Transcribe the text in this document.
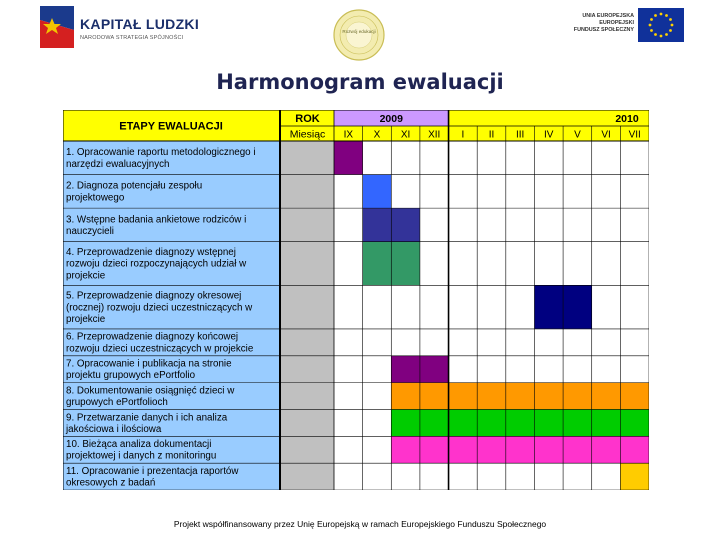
KAPITAŁ LUDZKI
NARODOWA STRATEGIA SPÓJNOŚCI
Rozwój edukacji
UNIA EUROPEJSKA
EUROPEJSKI
FUNDUSZ SPOŁECZNY
Harmonogram ewaluacji
ETAPY EWALUACJI
ROK
Miesiąc
2009	2010
IX X XI XII I II III IV V VI VII
1. Opracowanie raportu metodologicznego i
narzędzi ewaluacyjnych
2. Diagnoza potencjału zespołu
projektowego
3. Wstępne badania ankietowe rodziców i
nauczycieli
4. Przeprowadzenie diagnozy wstępnej
rozwoju dzieci rozpoczynających udział w
projekcie
5. Przeprowadzenie diagnozy okresowej
(rocznej) rozwoju dzieci uczestniczących w
projekcie
6. Przeprowadzenie diagnozy końcowej
rozwoju dzieci uczestniczących w projekcie
7. Opracowanie i publikacja na stronie
projektu grupowych ePortfolio
8. Dokumentowanie osiągnięć dzieci w
grupowych ePortfolioch
9. Przetwarzanie danych i ich analiza
jakościowa i ilościowa
10. Bieżąca analiza dokumentacji
projektowej i danych z monitoringu
11. Opracowanie i prezentacja raportów
okresowych z badań
Projekt współfinansowany przez Unię Europejską w ramach Europejskiego Funduszu Społecznego
